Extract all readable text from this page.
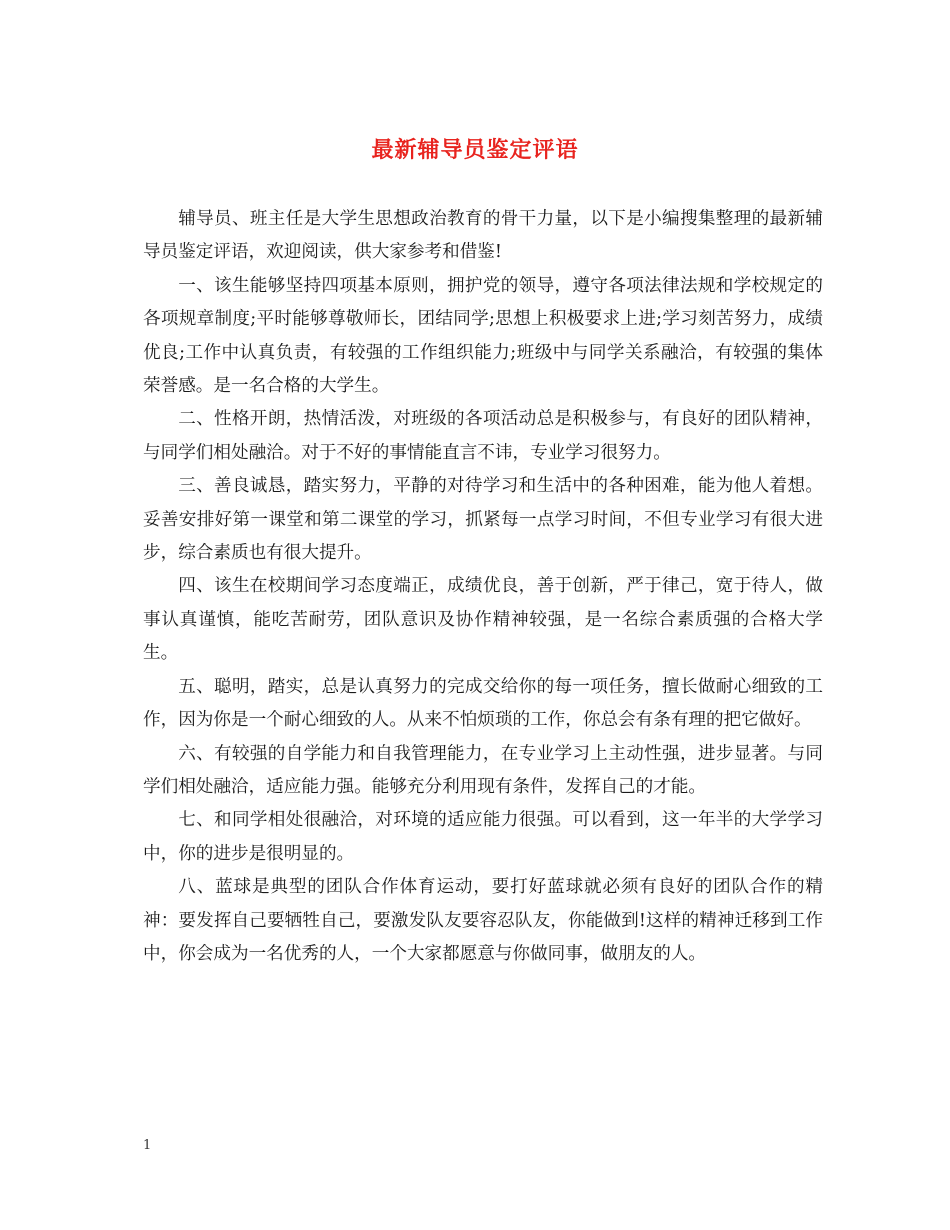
最新辅导员鉴定评语

辅导员、班主任是大学生思想政治教育的骨干力量，以下是小编搜集整理的最新辅导员鉴定评语，欢迎阅读，供大家参考和借鉴!

一、该生能够坚持四项基本原则，拥护党的领导，遵守各项法律法规和学校规定的各项规章制度;平时能够尊敬师长，团结同学;思想上积极要求上进;学习刻苦努力，成绩优良;工作中认真负责，有较强的工作组织能力;班级中与同学关系融洽，有较强的集体荣誉感。是一名合格的大学生。

二、性格开朗，热情活泼，对班级的各项活动总是积极参与，有良好的团队精神，与同学们相处融洽。对于不好的事情能直言不讳，专业学习很努力。

三、善良诚恳，踏实努力，平静的对待学习和生活中的各种困难，能为他人着想。妥善安排好第一课堂和第二课堂的学习，抓紧每一点学习时间，不但专业学习有很大进步，综合素质也有很大提升。

四、该生在校期间学习态度端正，成绩优良，善于创新，严于律己，宽于待人，做事认真谨慎，能吃苦耐劳，团队意识及协作精神较强，是一名综合素质强的合格大学生。

五、聪明，踏实，总是认真努力的完成交给你的每一项任务，擅长做耐心细致的工作，因为你是一个耐心细致的人。从来不怕烦琐的工作，你总会有条有理的把它做好。

六、有较强的自学能力和自我管理能力，在专业学习上主动性强，进步显著。与同学们相处融洽，适应能力强。能够充分利用现有条件，发挥自己的才能。

七、和同学相处很融洽，对环境的适应能力很强。可以看到，这一年半的大学学习中，你的进步是很明显的。

八、蓝球是典型的团队合作体育运动，要打好蓝球就必须有良好的团队合作的精神：要发挥自己要牺牲自己，要激发队友要容忍队友，你能做到!这样的精神迁移到工作中，你会成为一名优秀的人，一个大家都愿意与你做同事，做朋友的人。

1
